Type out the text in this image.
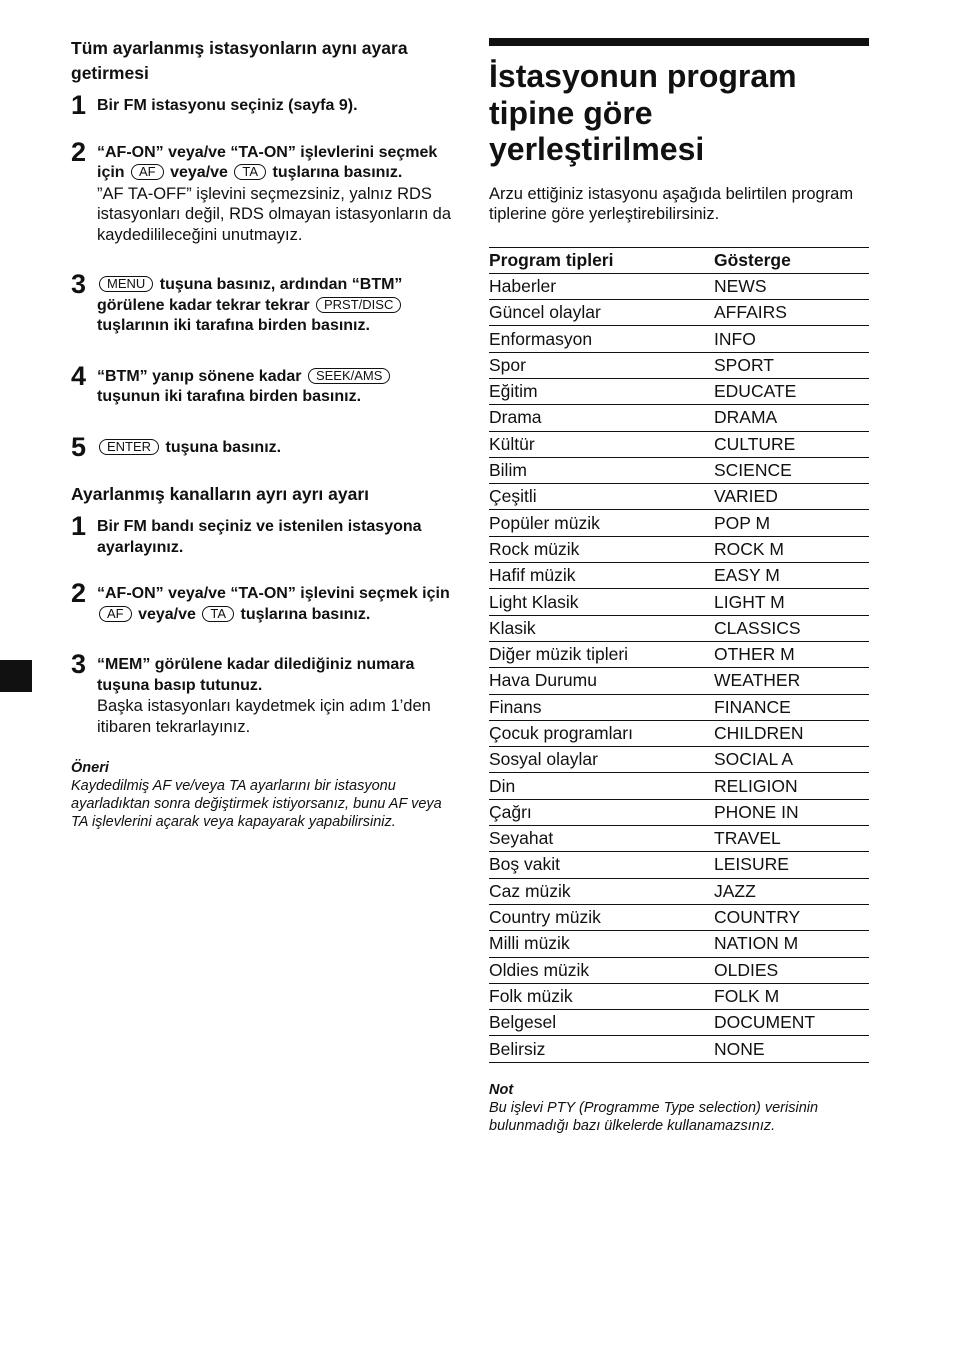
Tüm ayarlanmış istasyonların aynı ayara getirmesi
1 Bir FM istasyonu seçiniz (sayfa 9).
2 “AF-ON” veya/ve “TA-ON” işlevlerini seçmek için AF veya/ve TA tuşlarına basınız.
”AF TA-OFF” işlevini seçmezsiniz, yalnız RDS istasyonları değil, RDS olmayan istasyonların da kaydedilileceğini unutmayız.
3	MENU tuşuna basınız, ardından “BTM” görülene kadar tekrar tekrar PRST/DISC tuşlarının iki tarafına birden basınız.
4 “BTM” yanıp sönene kadar SEEK/AMS tuşunun iki tarafına birden basınız.
5	ENTER tuşuna basınız.
Ayarlanmış kanalların ayrı ayrı ayarı
1 Bir FM bandı seçiniz ve istenilen istasyona ayarlayınız.
2 “AF-ON” veya/ve “TA-ON” işlevini seçmek için AF veya/ve TA tuşlarına basınız.
3 “MEM” görülene kadar dilediğiniz numara tuşuna basıp tutunuz.
Başka istasyonları kaydetmek için adım 1’den itibaren tekrarlayınız.
Öneri
Kaydedilmiş AF ve/veya TA ayarlarını bir istasyonu ayarladıktan sonra değiştirmek istiyorsanız, bunu AF veya TA işlevlerini açarak veya kapayarak yapabilirsiniz.
İstasyonun program tipine göre yerleştirilmesi
Arzu ettiğiniz istasyonu aşağıda belirtilen program tiplerine göre yerleştirebilirsiniz.
Program tipleri	Gösterge
Haberler	NEWS
Güncel olaylar	AFFAIRS
Enformasyon	INFO
Spor	SPORT
Eğitim	EDUCATE
Drama	DRAMA
Kültür	CULTURE
Bilim	SCIENCE
Çeşitli	VARIED
Popüler müzik	POP M
Rock müzik	ROCK M
Hafif müzik	EASY M
Light Klasik	LIGHT M
Klasik	CLASSICS
Diğer müzik tipleri	OTHER M
Hava Durumu	WEATHER
Finans	FINANCE
Çocuk programları	CHILDREN
Sosyal olaylar	SOCIAL A
Din	RELIGION
Çağrı	PHONE IN
Seyahat	TRAVEL
Boş vakit	LEISURE
Caz müzik	JAZZ
Country müzik	COUNTRY
Milli müzik	NATION M
Oldies müzik	OLDIES
Folk müzik	FOLK M
Belgesel	DOCUMENT
Belirsiz	NONE
Not
Bu işlevi PTY (Programme Type selection) verisinin bulunmadığı bazı ülkelerde kullanamazsınız.
